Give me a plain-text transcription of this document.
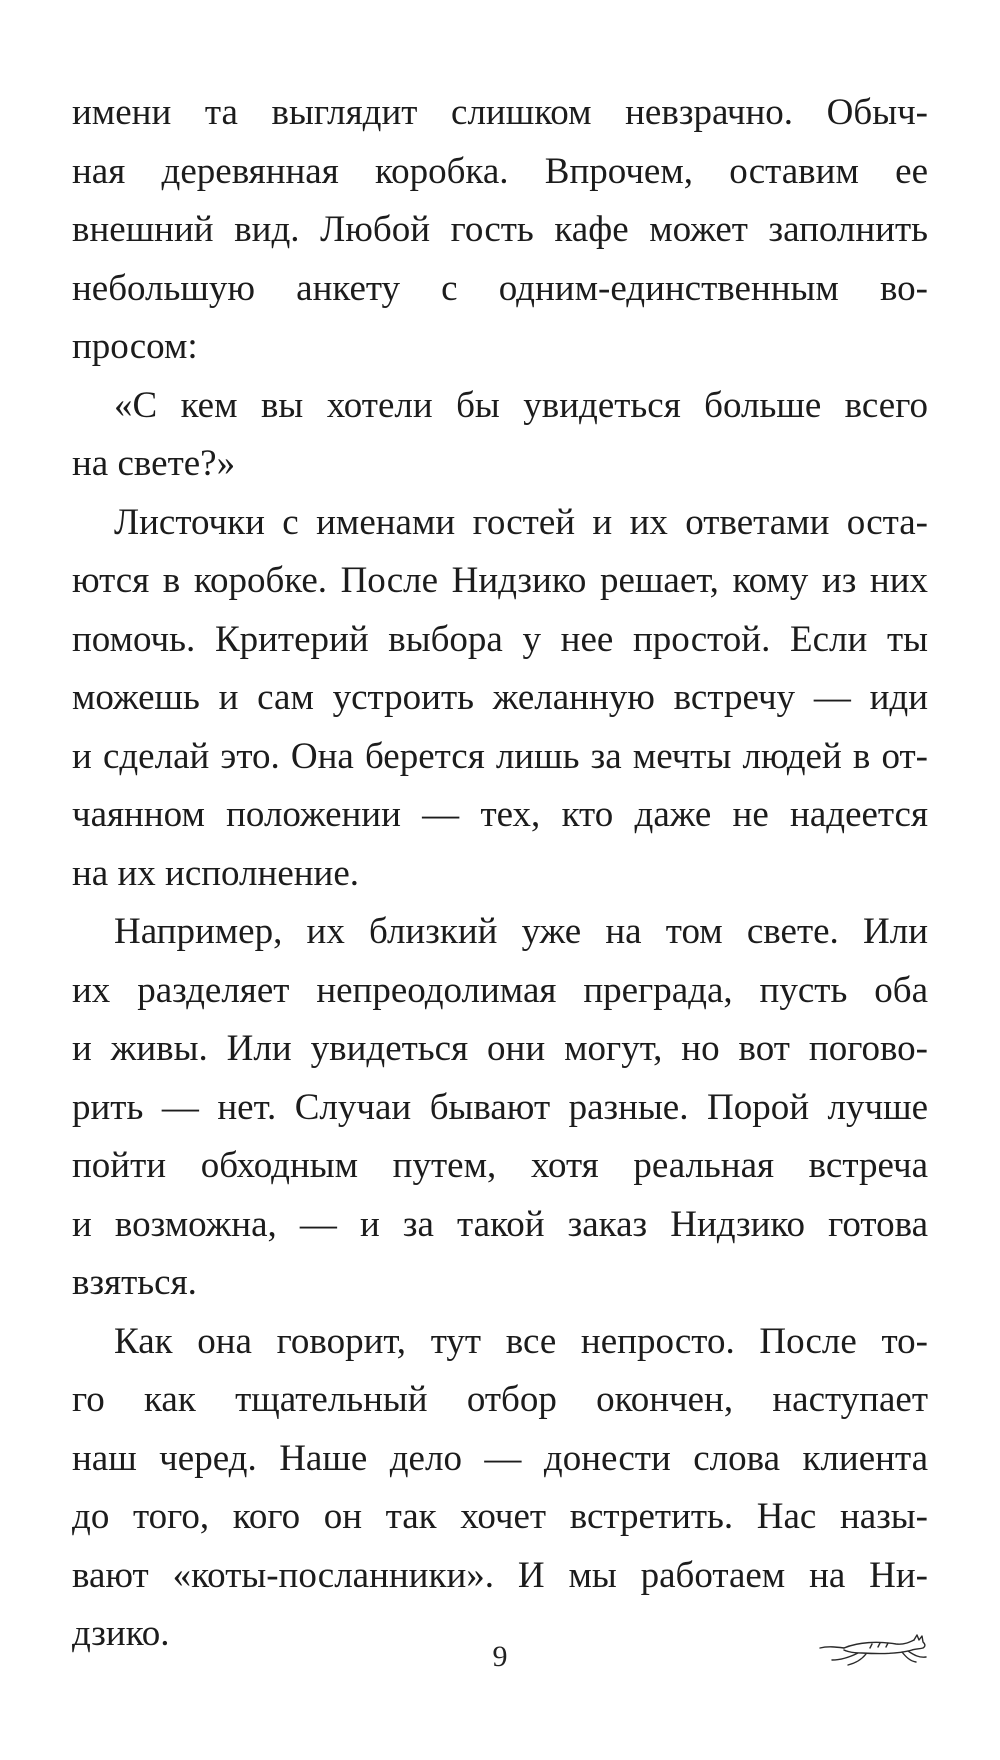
имени та выглядит слишком невзрачно. Обыч-
ная деревянная коробка. Впрочем, оставим ее
внешний вид. Любой гость кафе может заполнить
небольшую анкету с одним-единственным во-
просом:
«С кем вы хотели бы увидеться больше всего
на свете?»
Листочки с именами гостей и их ответами оста-
ются в коробке. После Нидзико решает, кому из них
помочь. Критерий выбора у нее простой. Если ты
можешь и сам устроить желанную встречу — иди
и сделай это. Она берется лишь за мечты людей в от-
чаянном положении — тех, кто даже не надеется
на их исполнение.
Например, их близкий уже на том свете. Или
их разделяет непреодолимая преграда, пусть оба
и живы. Или увидеться они могут, но вот погово-
рить — нет. Случаи бывают разные. Порой лучше
пойти обходным путем, хотя реальная встреча
и возможна, — и за такой заказ Нидзико готова
взяться.
Как она говорит, тут все непросто. После то-
го как тщательный отбор окончен, наступает
наш черед. Наше дело — донести слова клиента
до того, кого он так хочет встретить. Нас назы-
вают «коты-посланники». И мы работаем на Ни-
дзико.
9
